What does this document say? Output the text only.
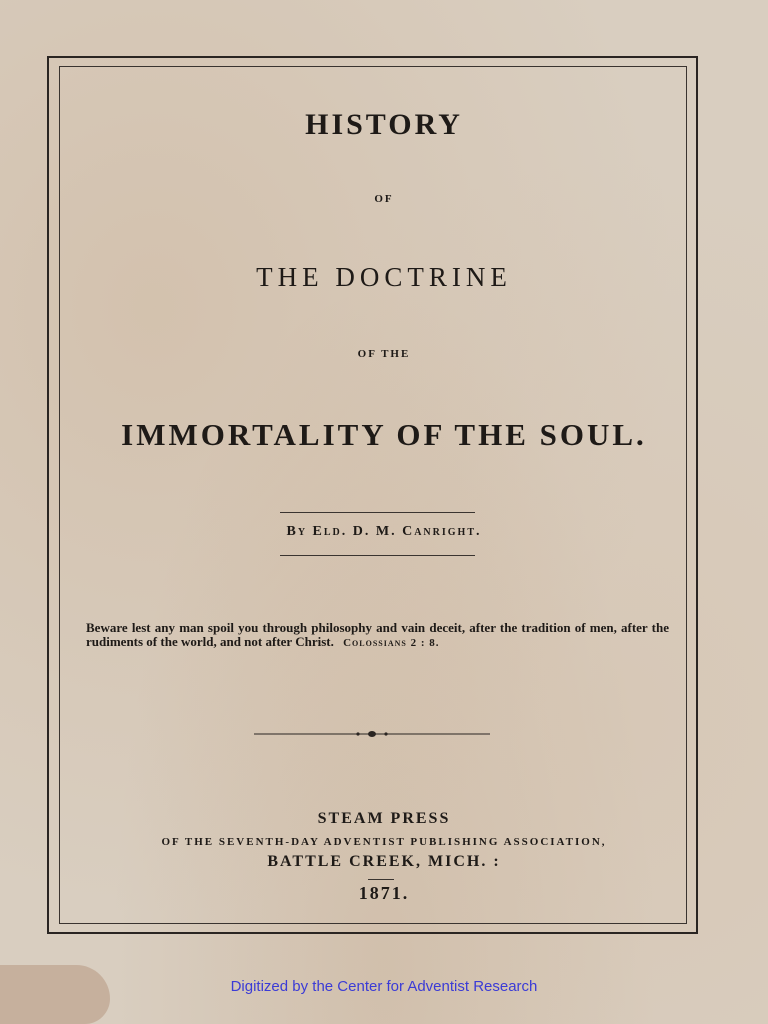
HISTORY
OF
THE DOCTRINE
OF THE
IMMORTALITY OF THE SOUL.
By Eld. D. M. Canright.
Beware lest any man spoil you through philosophy and vain deceit, after the tradition of men, after the rudiments of the world, and not after Christ. Colossians 2 : 8.
STEAM PRESS
OF THE SEVENTH-DAY ADVENTIST PUBLISHING ASSOCIATION,
BATTLE CREEK, MICH. :
1871.
Digitized by the Center for Adventist Research
